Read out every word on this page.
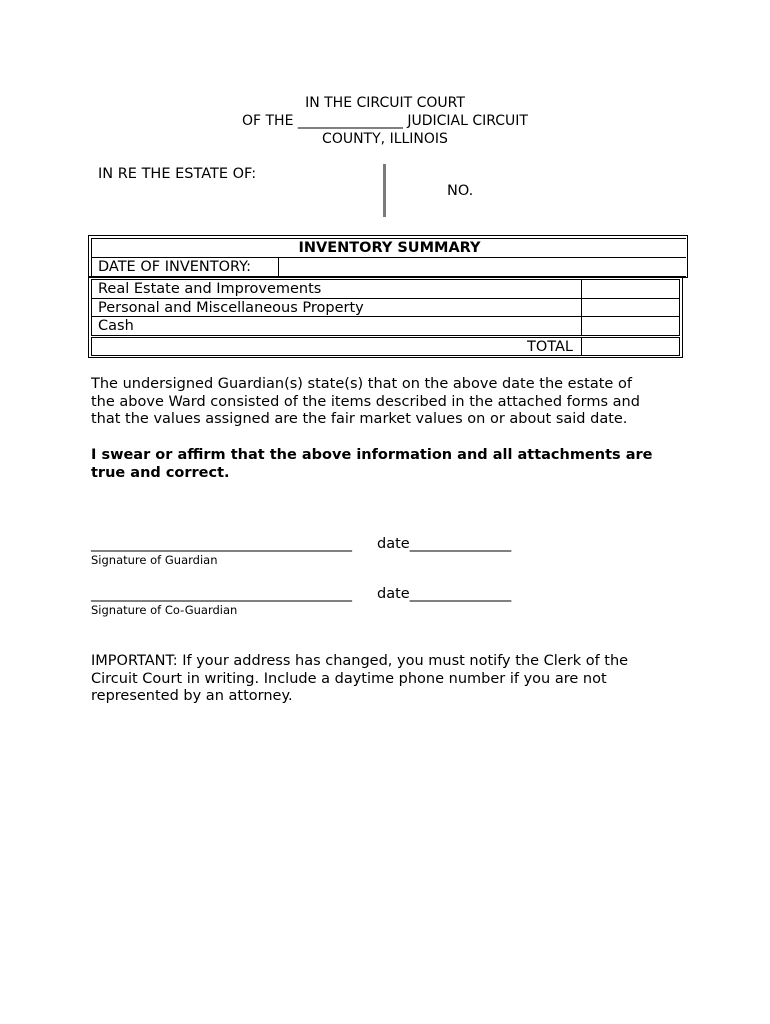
IN THE CIRCUIT COURT
OF THE _______________ JUDICIAL CIRCUIT
COUNTY, ILLINOIS
IN RE THE ESTATE OF:
NO.
INVENTORY SUMMARY
DATE OF INVENTORY:
Real Estate and Improvements
Personal and Miscellaneous Property
Cash
TOTAL
The undersigned Guardian(s) state(s) that on the above date the estate of
the above Ward consisted of the items described in the attached forms and
that the values assigned are the fair market values on or about said date.
I swear or affirm that the above information and all attachments are
true and correct.
____________________________________ date______________
Signature of Guardian
____________________________________ date______________
Signature of Co-Guardian
IMPORTANT: If your address has changed, you must notify the Clerk of the
Circuit Court in writing. Include a daytime phone number if you are not
represented by an attorney.
